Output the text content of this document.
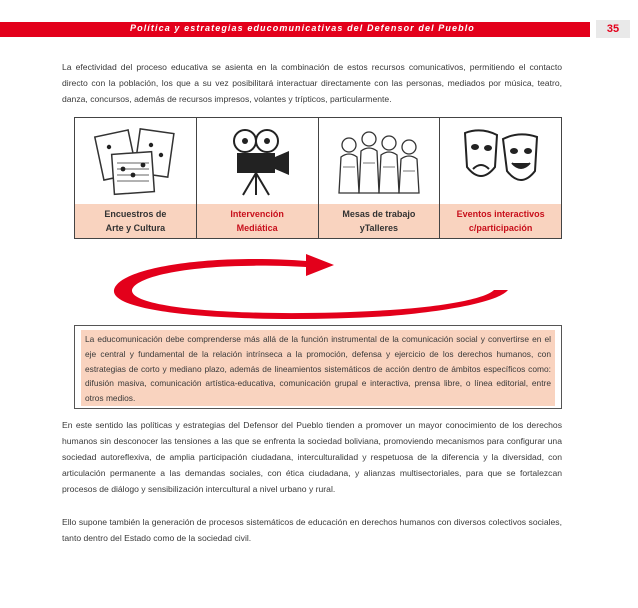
Política y estrategias educomunicativas del Defensor del Pueblo	35
La efectividad del proceso educativa se asienta en la combinación de estos recursos comunicativos, permitiendo el contacto directo con la población, los que a su vez posibilitará interactuar directamente con las personas, mediados por música, teatro, danza, concursos, además de recursos impresos, volantes y trípticos, particularmente.
Encuestros de
Arte y Cultura
Intervención
Mediática
Mesas de trabajo
yTalleres
Eventos interactivos
c/participación
La educomunicación debe comprenderse más allá de la función instrumental de la comunicación social y convertirse en el eje central y fundamental de la relación intrínseca a la promoción, defensa y ejercicio de los derechos humanos, con estrategias de corto y mediano plazo, además de lineamientos sistemáticos de acción dentro de ámbitos específicos como: difusión masiva, comunicación artística-educativa, comunicación grupal e interactiva, prensa libre, o línea editorial, entre otros medios.
En este sentido las políticas y estrategias del Defensor del Pueblo tienden a promover un mayor conocimiento de los derechos humanos sin desconocer las tensiones a las que se enfrenta la sociedad boliviana, promoviendo mecanismos para configurar una sociedad autoreflexiva, de amplia participación ciudadana, interculturalidad y respetuosa de la diferencia y la diversidad, con articulación permanente a las demandas sociales, con ética ciudadana, y alianzas multisectoriales, para que se fortalezcan procesos de diálogo y sensibilización intercultural a nivel urbano y rural.
Ello supone también la generación de procesos sistemáticos de educación en derechos humanos con diversos colectivos sociales, tanto dentro del Estado como de la sociedad civil.
